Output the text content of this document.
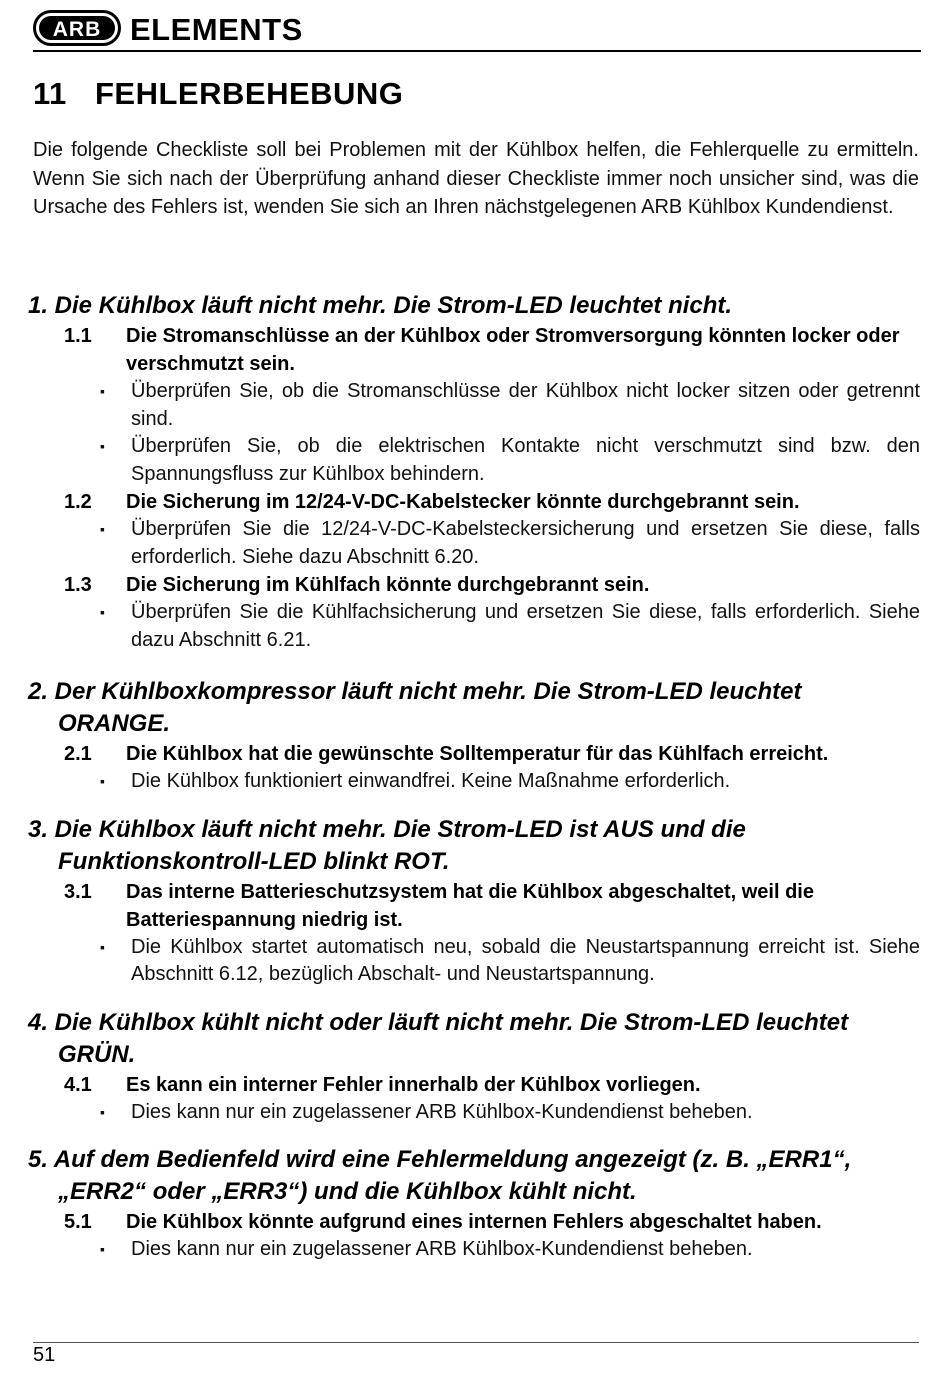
ARB ELEMENTS
11 FEHLERBEHEBUNG

Die folgende Checkliste soll bei Problemen mit der Kühlbox helfen, die Fehlerquelle zu ermitteln. Wenn Sie sich nach der Überprüfung anhand dieser Checkliste immer noch unsicher sind, was die Ursache des Fehlers ist, wenden Sie sich an Ihren nächstgelegenen ARB Kühlbox Kundendienst.

1. Die Kühlbox läuft nicht mehr. Die Strom-LED leuchtet nicht.

1.1 Die Stromanschlüsse an der Kühlbox oder Stromversorgung könnten locker oder verschmutzt sein.

▪ Überprüfen Sie, ob die Stromanschlüsse der Kühlbox nicht locker sitzen oder getrennt sind.

▪ Überprüfen Sie, ob die elektrischen Kontakte nicht verschmutzt sind bzw. den Spannungsfluss zur Kühlbox behindern.

1.2 Die Sicherung im 12/24-V-DC-Kabelstecker könnte durchgebrannt sein.

▪ Überprüfen Sie die 12/24-V-DC-Kabelsteckersicherung und ersetzen Sie diese, falls erforderlich. Siehe dazu Abschnitt 6.20.

1.3 Die Sicherung im Kühlfach könnte durchgebrannt sein.

▪ Überprüfen Sie die Kühlfachsicherung und ersetzen Sie diese, falls erforderlich. Siehe dazu Abschnitt 6.21.

2. Der Kühlboxkompressor läuft nicht mehr. Die Strom-LED leuchtet ORANGE.

2.1 Die Kühlbox hat die gewünschte Solltemperatur für das Kühlfach erreicht.

▪ Die Kühlbox funktioniert einwandfrei. Keine Maßnahme erforderlich.

3. Die Kühlbox läuft nicht mehr. Die Strom-LED ist AUS und die Funktionskontroll-LED blinkt ROT.

3.1 Das interne Batterieschutzsystem hat die Kühlbox abgeschaltet, weil die Batteriespannung niedrig ist.

▪ Die Kühlbox startet automatisch neu, sobald die Neustartspannung erreicht ist. Siehe Abschnitt 6.12, bezüglich Abschalt- und Neustartspannung.

4. Die Kühlbox kühlt nicht oder läuft nicht mehr. Die Strom-LED leuchtet GRÜN.

4.1 Es kann ein interner Fehler innerhalb der Kühlbox vorliegen.

▪ Dies kann nur ein zugelassener ARB Kühlbox-Kundendienst beheben.

5. Auf dem Bedienfeld wird eine Fehlermeldung angezeigt (z. B. „ERR1“, „ERR2“ oder „ERR3“) und die Kühlbox kühlt nicht.

5.1 Die Kühlbox könnte aufgrund eines internen Fehlers abgeschaltet haben.

▪ Dies kann nur ein zugelassener ARB Kühlbox-Kundendienst beheben.

51
